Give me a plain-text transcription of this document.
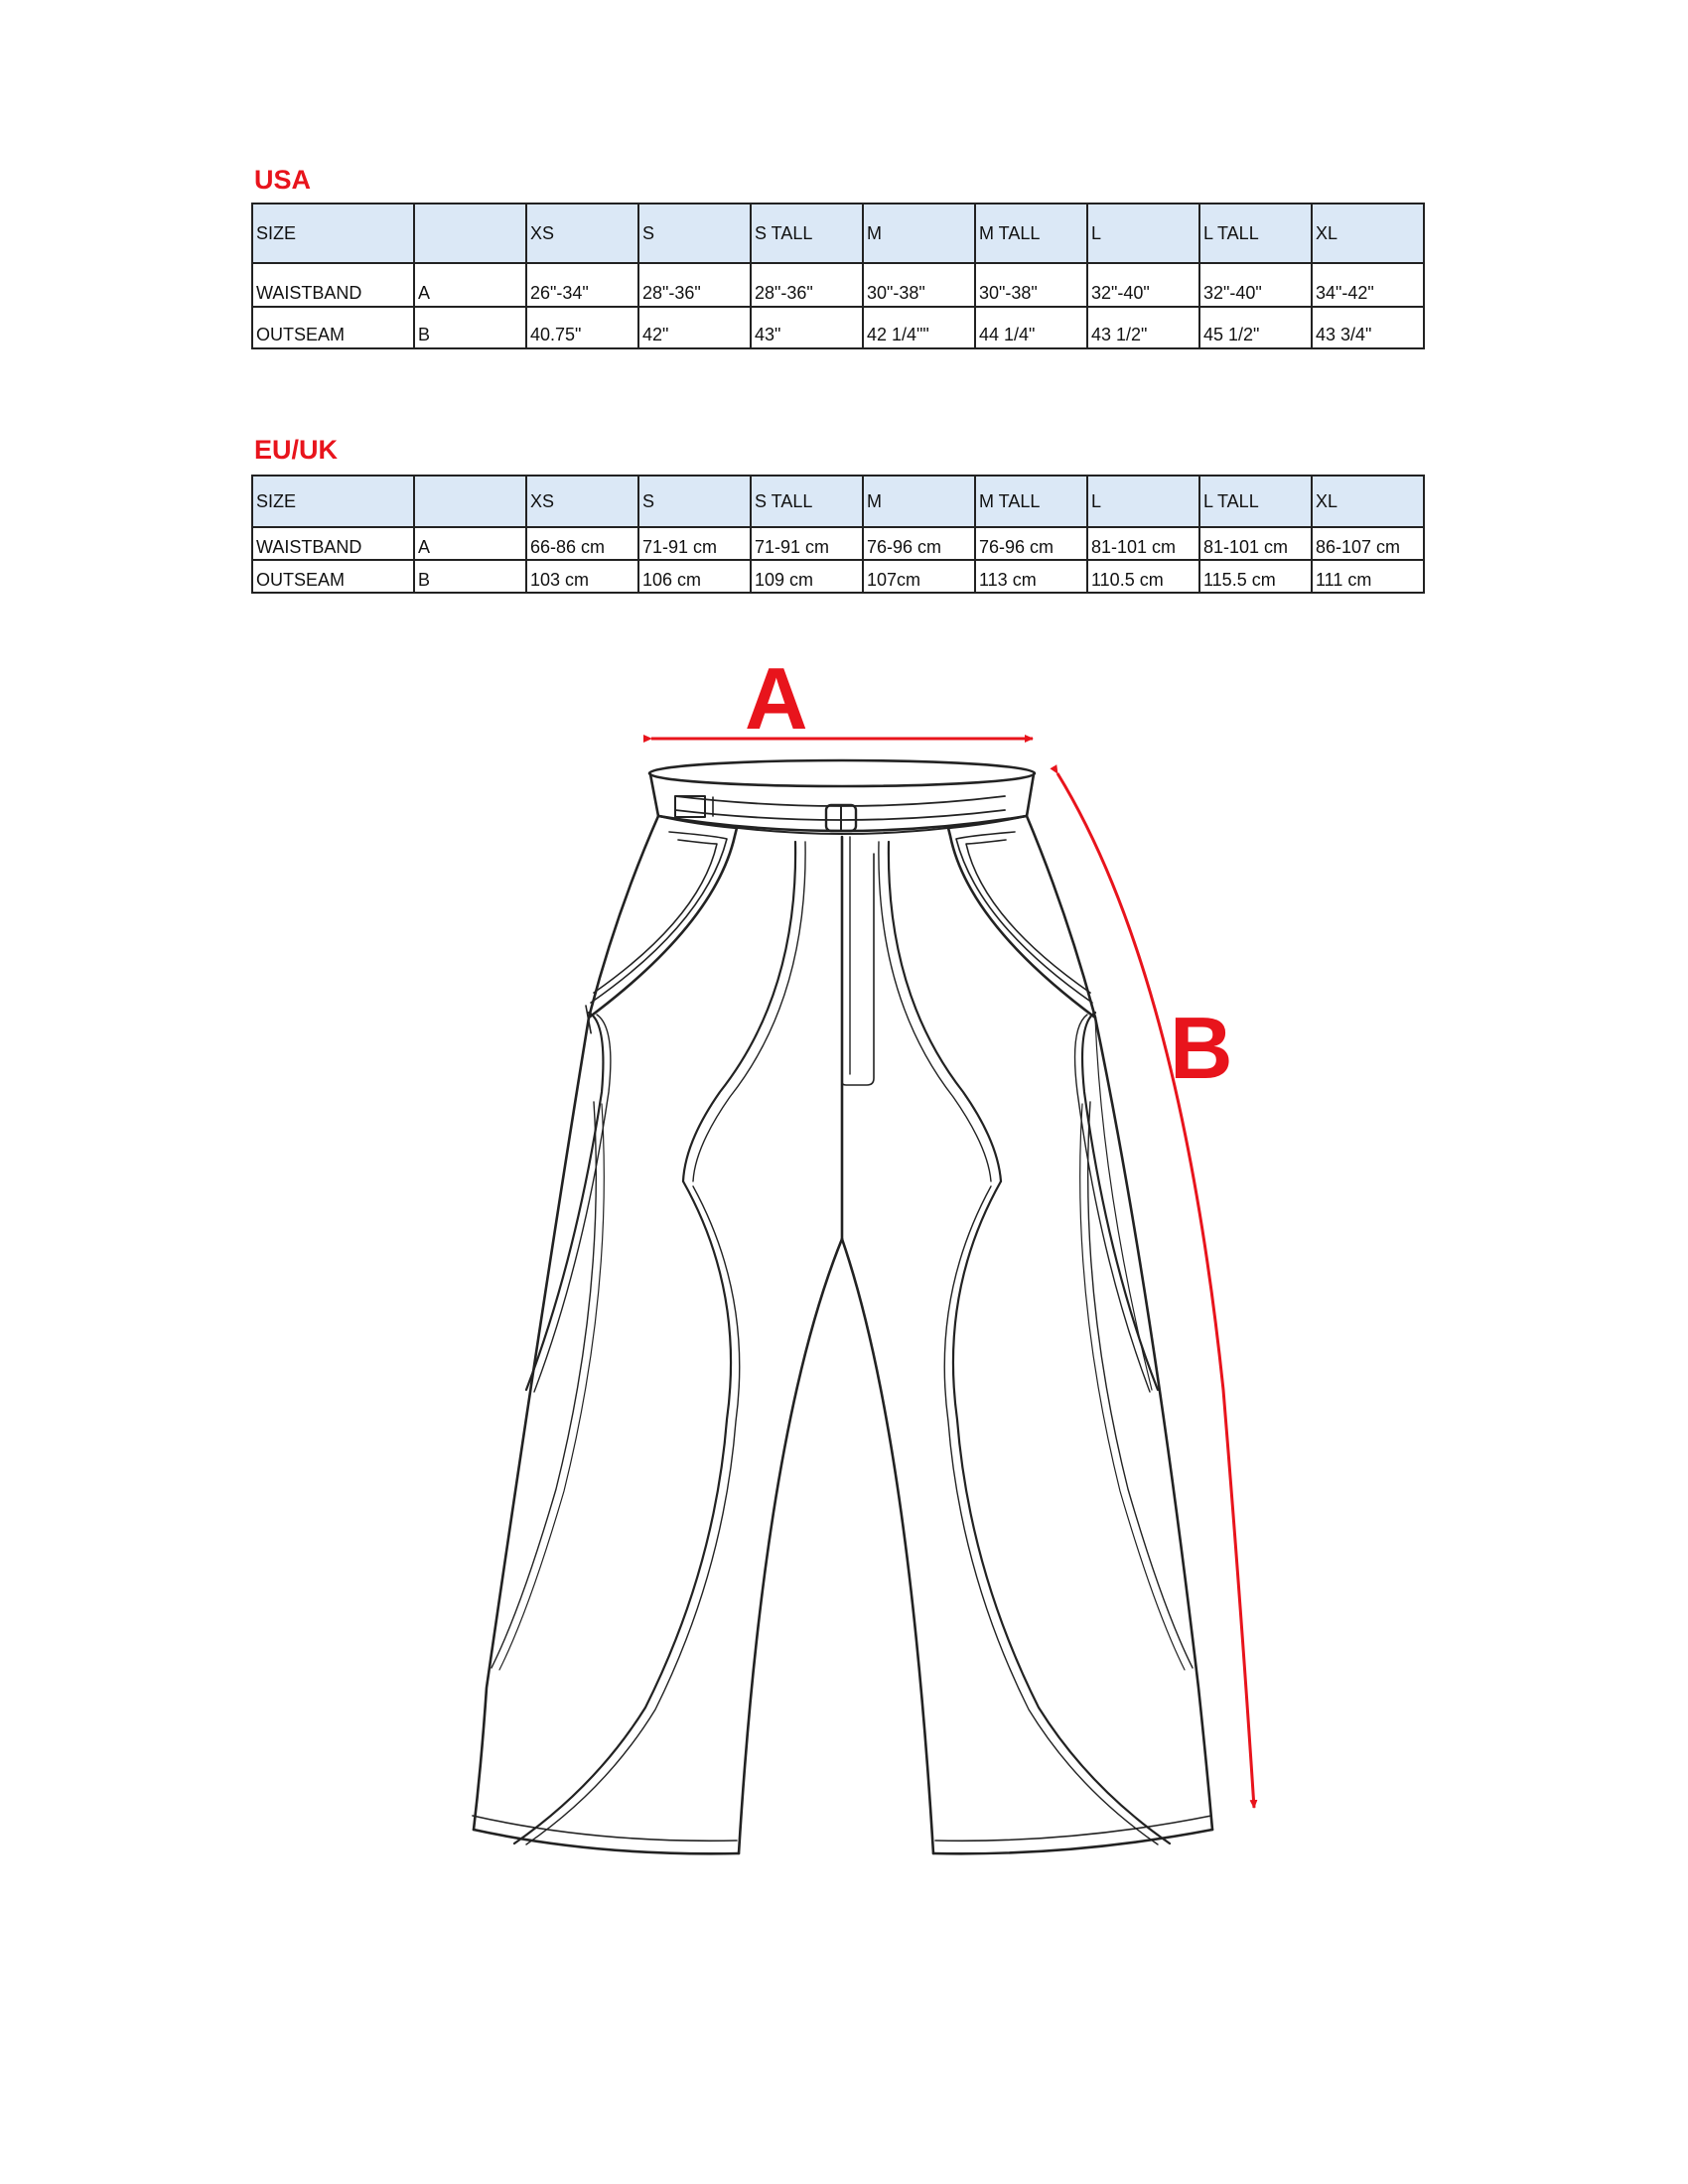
USA
SIZE		XS	S	S TALL	M	M TALL	L	L TALL	XL
WAISTBAND	A	26"-34"	28"-36"	28"-36"	30"-38"	30"-38"	32"-40"	32"-40"	34"-42"
OUTSEAM	B	40.75"	42"	43"	42 1/4""	44 1/4"	43 1/2"	45 1/2"	43 3/4"
EU/UK
SIZE		XS	S	S TALL	M	M TALL	L	L TALL	XL
WAISTBAND	A	66-86 cm	71-91 cm	71-91 cm	76-96 cm	76-96 cm	81-101 cm	81-101 cm	86-107 cm
OUTSEAM	B	103 cm	106 cm	109 cm	107cm	113 cm	110.5 cm	115.5 cm	111 cm
A
B
